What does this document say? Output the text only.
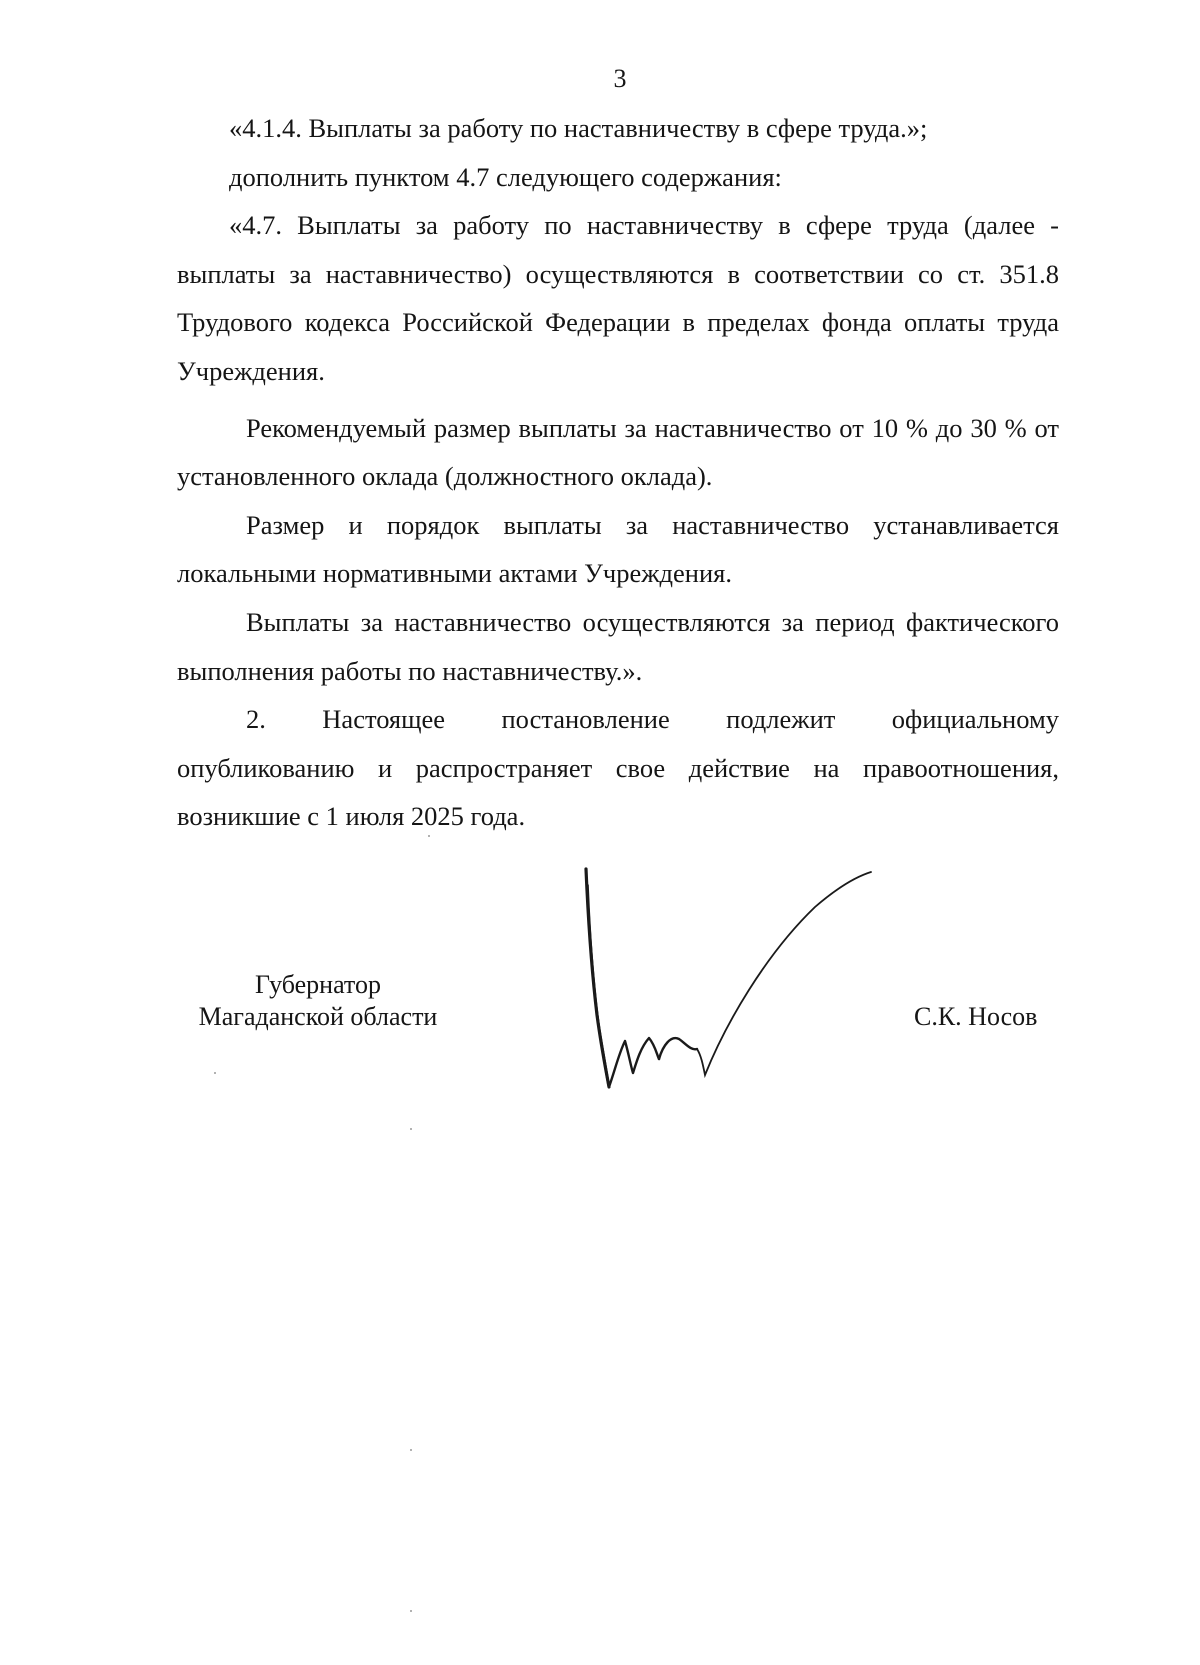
3

«4.1.4. Выплаты за работу по наставничеству в сфере труда.»;

дополнить пунктом 4.7 следующего содержания:

«4.7. Выплаты за работу по наставничеству в сфере труда (далее - выплаты за наставничество) осуществляются в соответствии со ст. 351.8 Трудового кодекса Российской Федерации в пределах фонда оплаты труда Учреждения.

Рекомендуемый размер выплаты за наставничество от 10 % до 30 % от установленного оклада (должностного оклада).

Размер и порядок выплаты за наставничество устанавливается локальными нормативными актами Учреждения.

Выплаты за наставничество осуществляются за период фактического выполнения работы по наставничеству.».

2. Настоящее постановление подлежит официальному

опубликованию и распространяет свое действие на правоотношения, возникшие с 1 июля 2025 года.

Губернатор
Магаданской области	С.К. Носов
